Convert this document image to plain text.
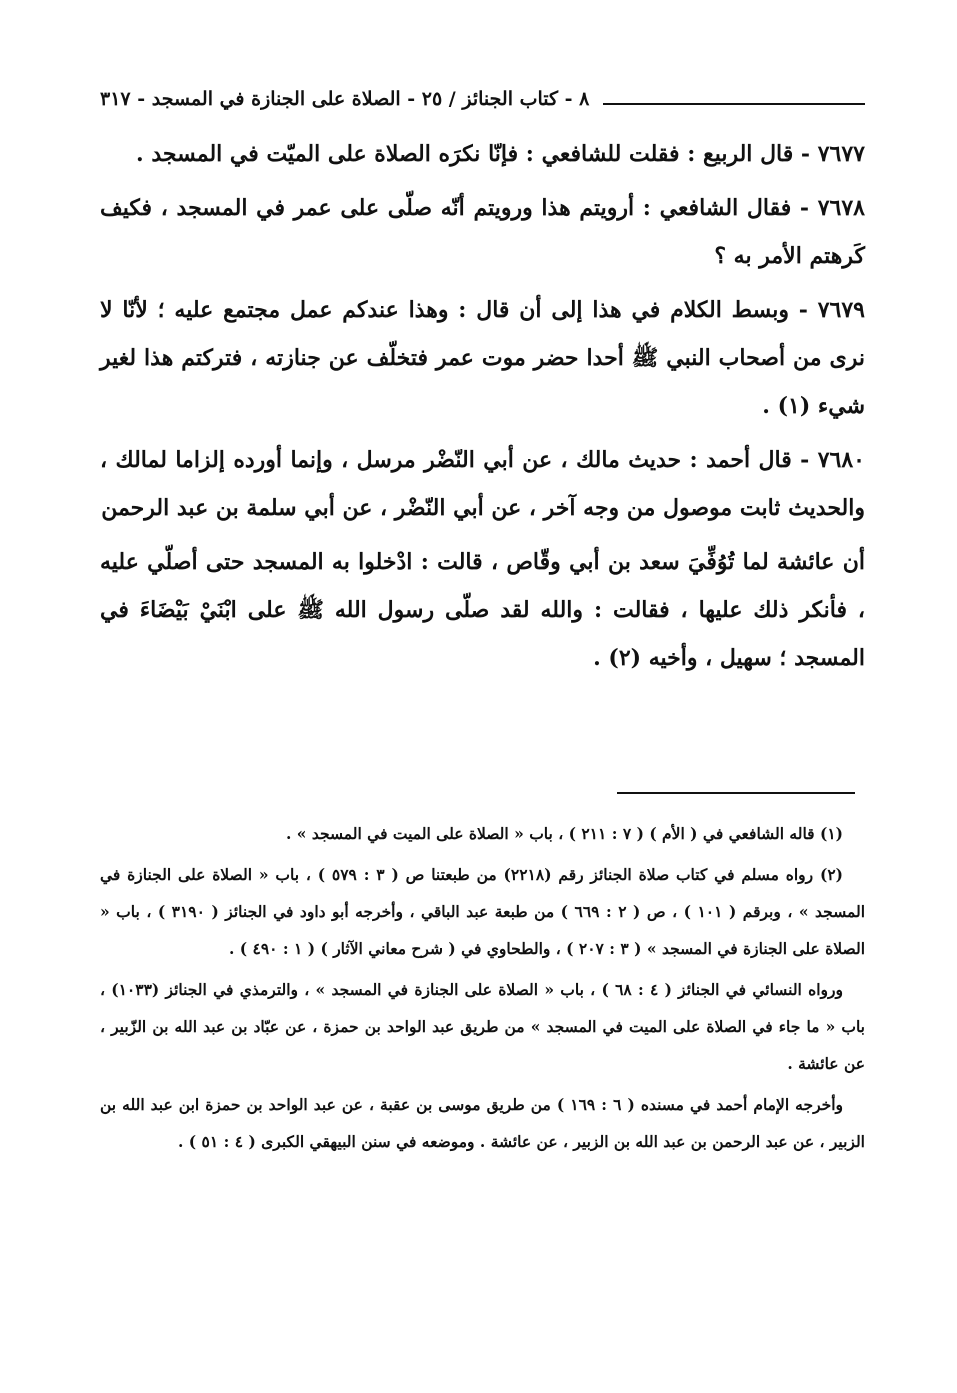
٨ - كتاب الجنائز / ٢٥ - الصلاة على الجنازة في المسجد - ٣١٧

٧٦٧٧ - قال الربيع : فقلت للشافعي : فإنّا نكرَه الصلاة على الميّت في المسجد .

٧٦٧٨ - فقال الشافعي : أرويتم هذا ورويتم أنّه صلّى على عمر في المسجد ، فكيف كَرهتم الأمر به ؟

٧٦٧٩ - وبسط الكلام في هذا إلى أن قال : وهذا عندكم عمل مجتمع عليه ؛ لأنّا لا نرى من أصحاب النبي ﷺ أحدا حضر موت عمر فتخلّف عن جنازته ، فتركتم هذا لغير شيء (١) .

٧٦٨٠ - قال أحمد : حديث مالك ، عن أبي النّضْر مرسل ، وإنما أورده إلزاما لمالك ، والحديث ثابت موصول من وجه آخر ، عن أبي النّضْر ، عن أبي سلمة بن عبد الرحمن

أن عائشة لما تُوُفِّيَ سعد بن أبي وقّاص ، قالت : ادْخلوا به المسجد حتى أصلّي عليه ، فأنكر ذلك عليها ، فقالت : والله لقد صلّى رسول الله ﷺ على ابْنَيْ بَيْضَاءَ في المسجد ؛ سهيل ، وأخيه (٢) .

(١) قاله الشافعي في ( الأم ) ( ٧ : ٢١١ ) ، باب « الصلاة على الميت في المسجد » .

(٢) رواه مسلم في كتاب صلاة الجنائز رقم (٢٢١٨) من طبعتنا ص ( ٣ : ٥٧٩ ) ، باب « الصلاة على الجنازة في المسجد » ، وبرقم ( ١٠١ ) ، ص ( ٢ : ٦٦٩ ) من طبعة عبد الباقي ، وأخرجه أبو داود في الجنائز ( ٣١٩٠ ) ، باب « الصلاة على الجنازة في المسجد » ( ٣ : ٢٠٧ ) ، والطحاوي في ( شرح معاني الآثار ) ( ١ : ٤٩٠ ) .

ورواه النسائي في الجنائز ( ٤ : ٦٨ ) ، باب « الصلاة على الجنازة في المسجد » ، والترمذي في الجنائز (١٠٣٣) ، باب « ما جاء في الصلاة على الميت في المسجد » من طريق عبد الواحد بن حمزة ، عن عبّاد بن عبد الله بن الزّبير ، عن عائشة .

وأخرجه الإمام أحمد في مسنده ( ٦ : ١٦٩ ) من طريق موسى بن عقبة ، عن عبد الواحد بن حمزة ابن عبد الله بن الزبير ، عن عبد الرحمن بن عبد الله بن الزبير ، عن عائشة . وموضعه في سنن البيهقي الكبرى ( ٤ : ٥١ ) .
